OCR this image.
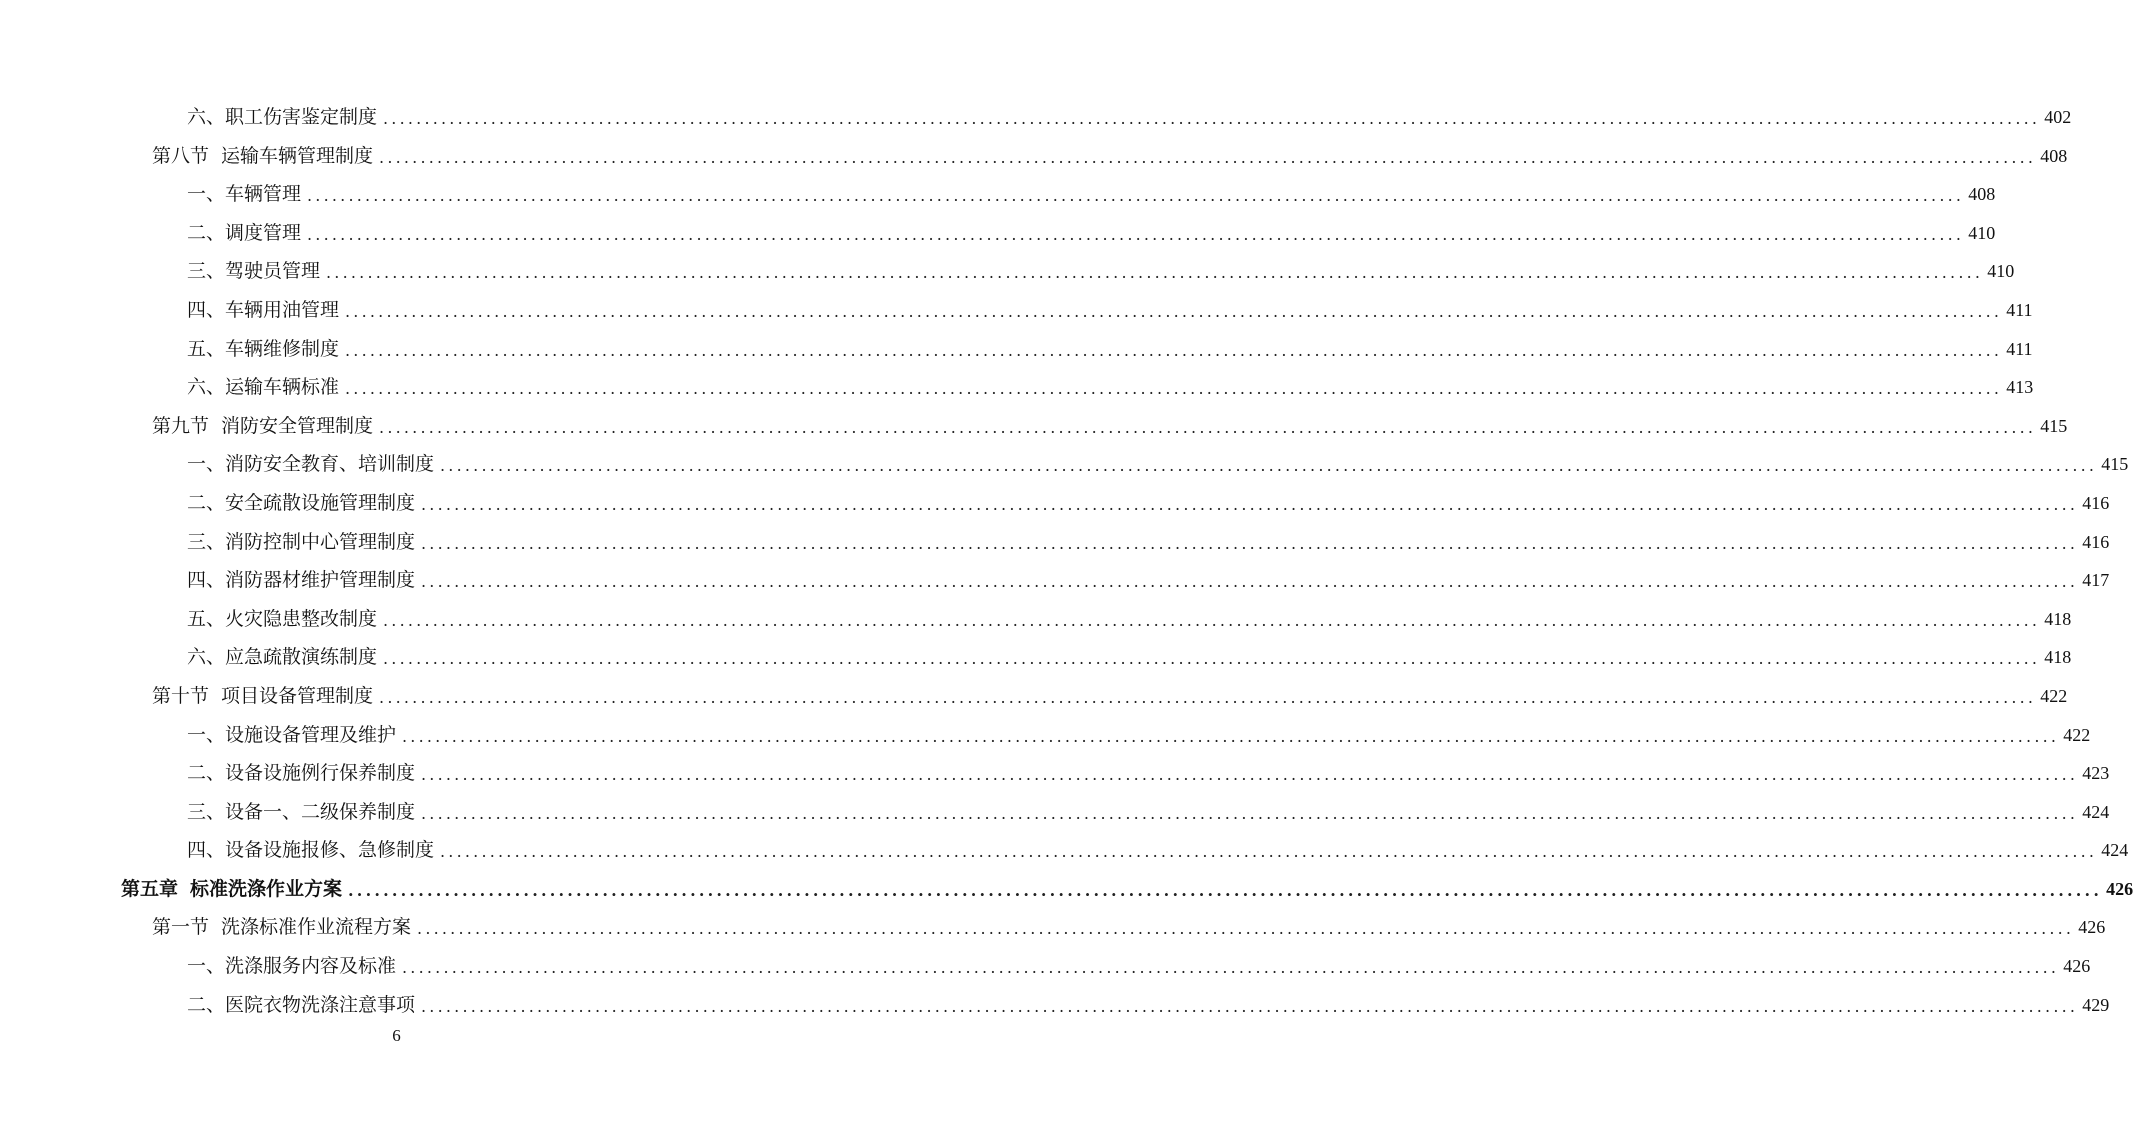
六、职工伤害鉴定制度 ........................................................................................................................................................................................................ 402
第八节 运输车辆管理制度 ........................................................................................................................................................................................................ 408
一、车辆管理 ........................................................................................................................................................................................................ 408
二、调度管理 ........................................................................................................................................................................................................ 410
三、驾驶员管理 ........................................................................................................................................................................................................ 410
四、车辆用油管理 ........................................................................................................................................................................................................ 411
五、车辆维修制度 ........................................................................................................................................................................................................ 411
六、运输车辆标准 ........................................................................................................................................................................................................ 413
第九节 消防安全管理制度 ........................................................................................................................................................................................................ 415
一、消防安全教育、培训制度 ........................................................................................................................................................................................................ 415
二、安全疏散设施管理制度 ........................................................................................................................................................................................................ 416
三、消防控制中心管理制度 ........................................................................................................................................................................................................ 416
四、消防器材维护管理制度 ........................................................................................................................................................................................................ 417
五、火灾隐患整改制度 ........................................................................................................................................................................................................ 418
六、应急疏散演练制度 ........................................................................................................................................................................................................ 418
第十节 项目设备管理制度 ........................................................................................................................................................................................................ 422
一、设施设备管理及维护 ........................................................................................................................................................................................................ 422
二、设备设施例行保养制度 ........................................................................................................................................................................................................ 423
三、设备一、二级保养制度 ........................................................................................................................................................................................................ 424
四、设备设施报修、急修制度 ........................................................................................................................................................................................................ 424
第五章 标准洗涤作业方案 ........................................................................................................................................................................................................ 426
第一节 洗涤标准作业流程方案 ........................................................................................................................................................................................................ 426
一、洗涤服务内容及标准 ........................................................................................................................................................................................................ 426
二、医院衣物洗涤注意事项 ........................................................................................................................................................................................................ 429
6
